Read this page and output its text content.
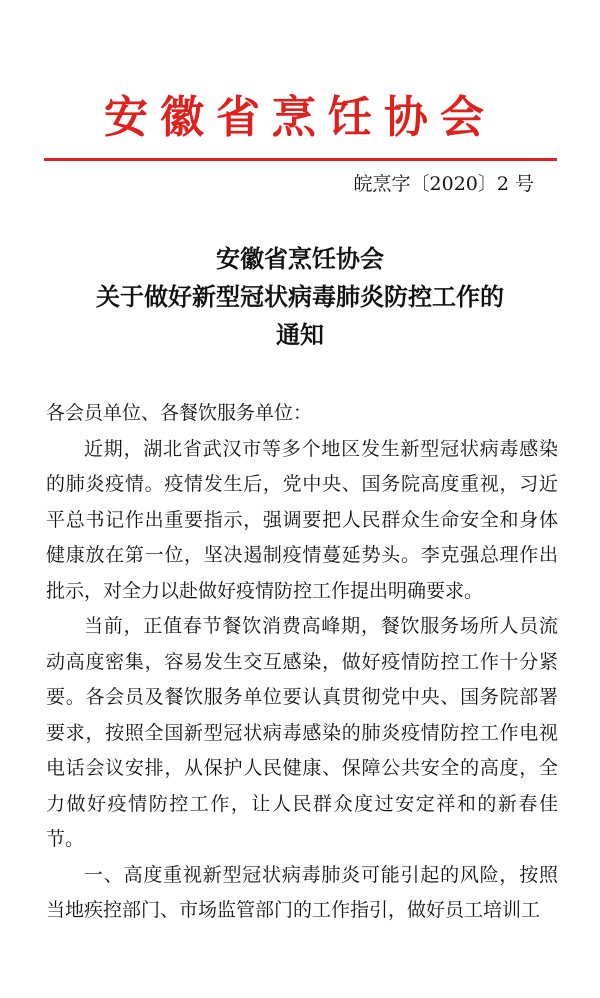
安徽省烹饪协会
皖烹字〔2020〕2 号
安徽省烹饪协会
关于做好新型冠状病毒肺炎防控工作的
通知

各会员单位、各餐饮服务单位：

近期，湖北省武汉市等多个地区发生新型冠状病毒感染的肺炎疫情。疫情发生后，党中央、国务院高度重视，习近平总书记作出重要指示，强调要把人民群众生命安全和身体健康放在第一位，坚决遏制疫情蔓延势头。李克强总理作出批示，对全力以赴做好疫情防控工作提出明确要求。

当前，正值春节餐饮消费高峰期，餐饮服务场所人员流动高度密集，容易发生交互感染，做好疫情防控工作十分紧要。各会员及餐饮服务单位要认真贯彻党中央、国务院部署要求，按照全国新型冠状病毒感染的肺炎疫情防控工作电视电话会议安排，从保护人民健康、保障公共安全的高度，全力做好疫情防控工作，让人民群众度过安定祥和的新春佳节。

一、高度重视新型冠状病毒肺炎可能引起的风险，按照当地疾控部门、市场监管部门的工作指引，做好员工培训工
